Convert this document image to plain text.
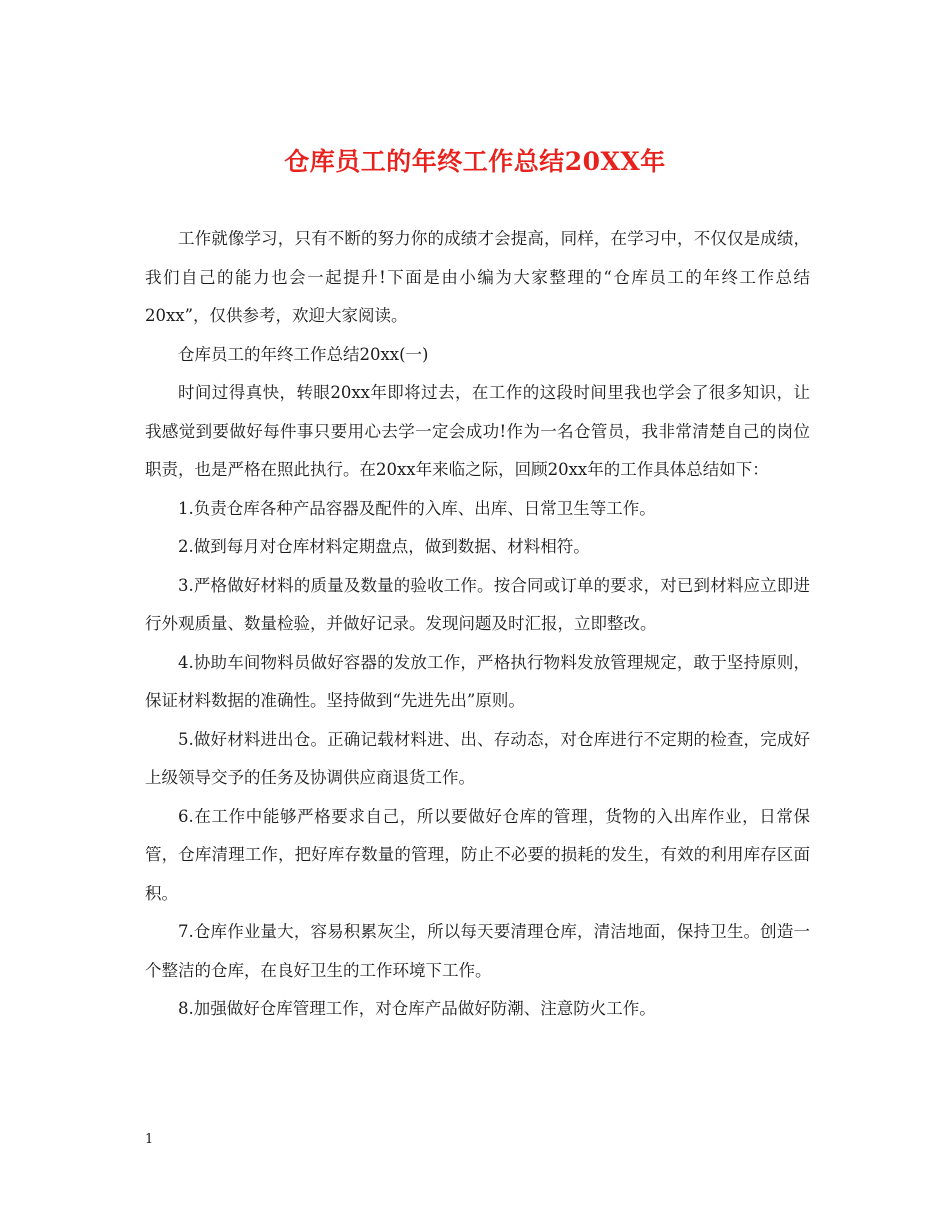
仓库员工的年终工作总结20XX年

工作就像学习，只有不断的努力你的成绩才会提高，同样，在学习中，不仅仅是成绩，我们自己的能力也会一起提升!下面是由小编为大家整理的“仓库员工的年终工作总结20xx”，仅供参考，欢迎大家阅读。

仓库员工的年终工作总结20xx(一)

时间过得真快，转眼20xx年即将过去，在工作的这段时间里我也学会了很多知识，让我感觉到要做好每件事只要用心去学一定会成功!作为一名仓管员，我非常清楚自己的岗位职责，也是严格在照此执行。在20xx年来临之际，回顾20xx年的工作具体总结如下：

1.负责仓库各种产品容器及配件的入库、出库、日常卫生等工作。

2.做到每月对仓库材料定期盘点，做到数据、材料相符。

3.严格做好材料的质量及数量的验收工作。按合同或订单的要求，对已到材料应立即进行外观质量、数量检验，并做好记录。发现问题及时汇报，立即整改。

4.协助车间物料员做好容器的发放工作，严格执行物料发放管理规定，敢于坚持原则，保证材料数据的准确性。坚持做到“先进先出”原则。

5.做好材料进出仓。正确记载材料进、出、存动态，对仓库进行不定期的检查，完成好上级领导交予的任务及协调供应商退货工作。

6.在工作中能够严格要求自己，所以要做好仓库的管理，货物的入出库作业，日常保管，仓库清理工作，把好库存数量的管理，防止不必要的损耗的发生，有效的利用库存区面积。

7.仓库作业量大，容易积累灰尘，所以每天要清理仓库，清洁地面，保持卫生。创造一个整洁的仓库，在良好卫生的工作环境下工作。

8.加强做好仓库管理工作，对仓库产品做好防潮、注意防火工作。

1
